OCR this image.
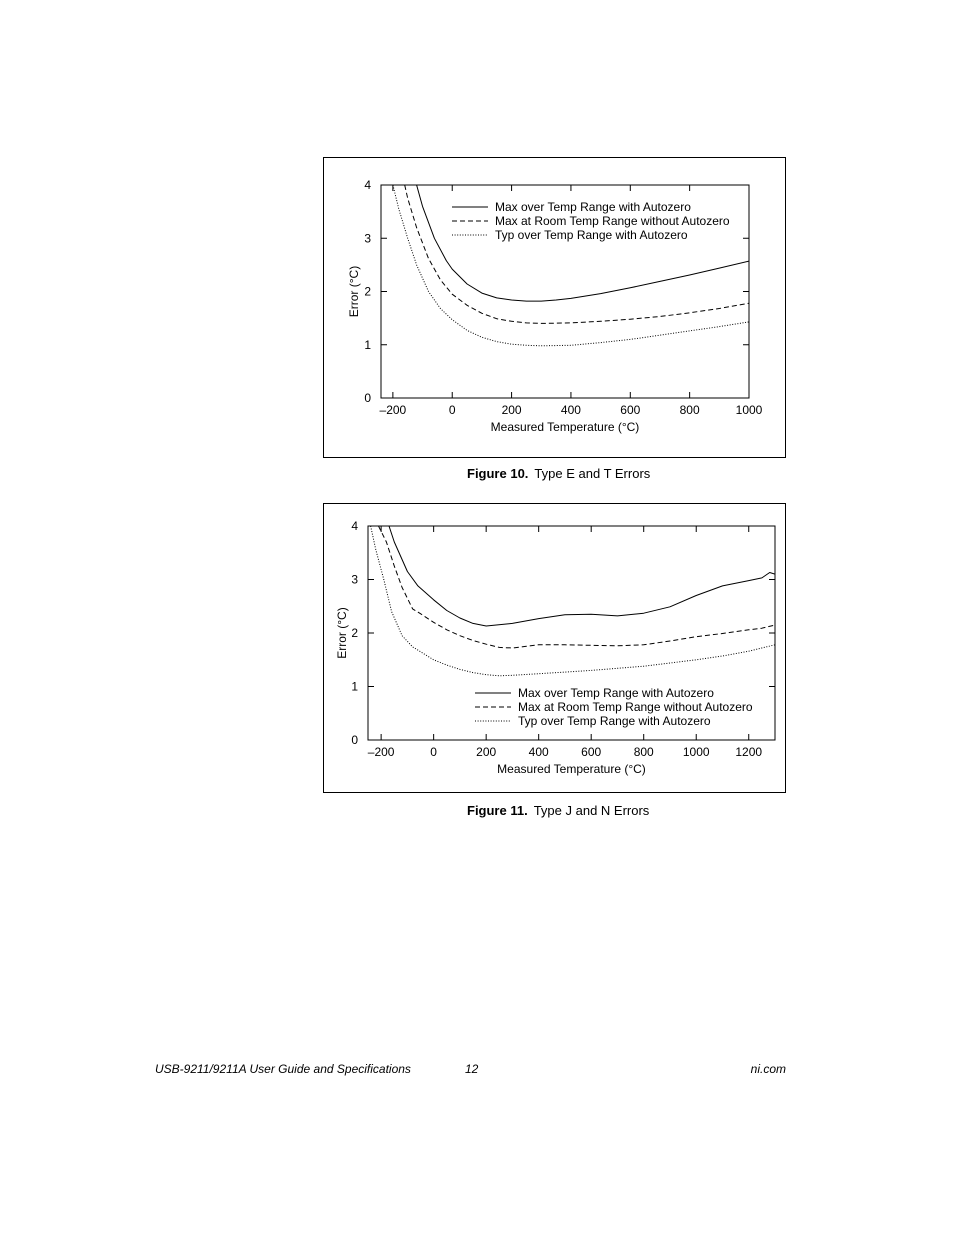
–200	0	200	400	600	800	1000
0
1
2
3
4
Measured Temperature (°C)
Error (°C)
Max over Temp Range with Autozero
Max at Room Temp Range without Autozero
Typ over Temp Range with Autozero
Figure 10. Type E and T Errors
–200	0	200	400	600	800 1000 1200
0
1
2
3
4
Measured Temperature (°C)
Error (°C)
Max over Temp Range with Autozero
Max at Room Temp Range without Autozero
Typ over Temp Range with Autozero
Figure 11. Type J and N Errors
USB-9211/9211A User Guide and Specifications	12	ni.com
